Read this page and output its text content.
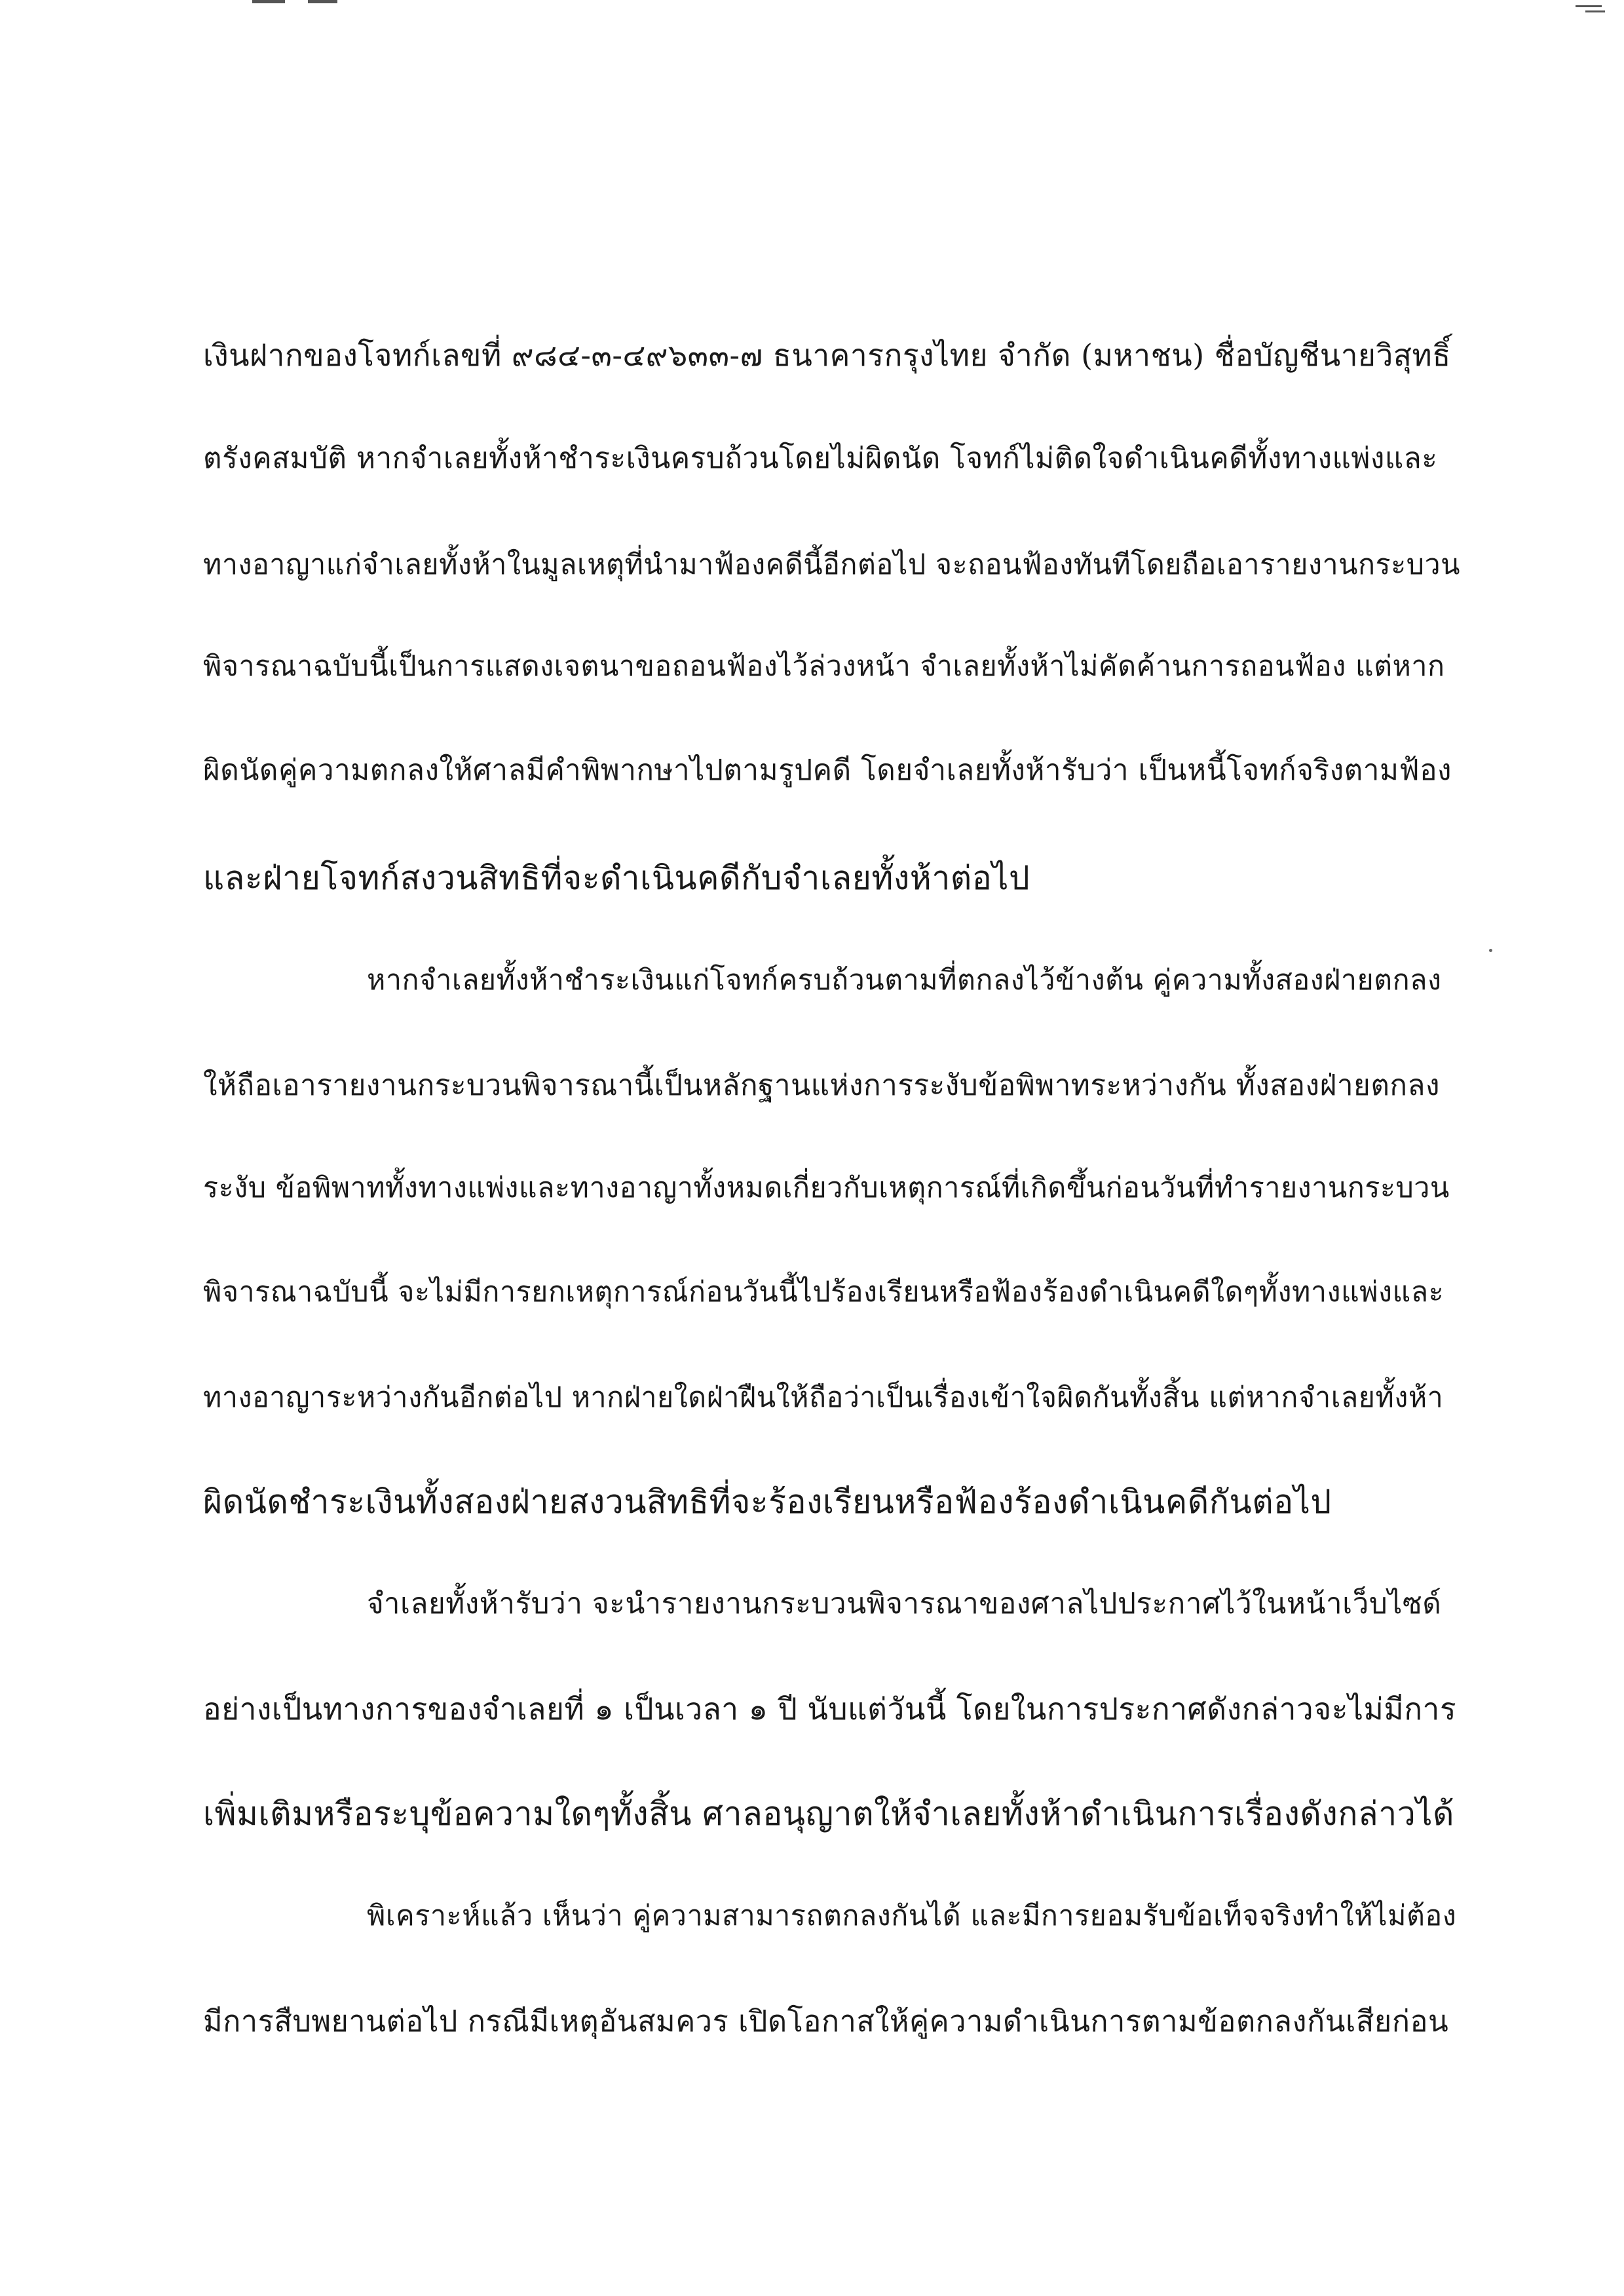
เงินฝากของโจทก์เลขที่ ๙๘๔-๓-๔๙๖๓๓-๗ ธนาคารกรุงไทย จำกัด (มหาชน) ชื่อบัญชีนายวิสุทธิ์
ตรังคสมบัติ หากจำเลยทั้งห้าชำระเงินครบถ้วนโดยไม่ผิดนัด โจทก์ไม่ติดใจดำเนินคดีทั้งทางแพ่งและ
ทางอาญาแก่จำเลยทั้งห้าในมูลเหตุที่นำมาฟ้องคดีนี้อีกต่อไป จะถอนฟ้องทันทีโดยถือเอารายงานกระบวน
พิจารณาฉบับนี้เป็นการแสดงเจตนาขอถอนฟ้องไว้ล่วงหน้า จำเลยทั้งห้าไม่คัดค้านการถอนฟ้อง แต่หาก
ผิดนัดคู่ความตกลงให้ศาลมีคำพิพากษาไปตามรูปคดี โดยจำเลยทั้งห้ารับว่า เป็นหนี้โจทก์จริงตามฟ้อง
และฝ่ายโจทก์สงวนสิทธิที่จะดำเนินคดีกับจำเลยทั้งห้าต่อไป
หากจำเลยทั้งห้าชำระเงินแก่โจทก์ครบถ้วนตามที่ตกลงไว้ข้างต้น คู่ความทั้งสองฝ่ายตกลง
ให้ถือเอารายงานกระบวนพิจารณานี้เป็นหลักฐานแห่งการระงับข้อพิพาทระหว่างกัน ทั้งสองฝ่ายตกลง
ระงับ ข้อพิพาททั้งทางแพ่งและทางอาญาทั้งหมดเกี่ยวกับเหตุการณ์ที่เกิดขึ้นก่อนวันที่ทำรายงานกระบวน
พิจารณาฉบับนี้ จะไม่มีการยกเหตุการณ์ก่อนวันนี้ไปร้องเรียนหรือฟ้องร้องดำเนินคดีใดๆทั้งทางแพ่งและ
ทางอาญาระหว่างกันอีกต่อไป หากฝ่ายใดฝ่าฝืนให้ถือว่าเป็นเรื่องเข้าใจผิดกันทั้งสิ้น แต่หากจำเลยทั้งห้า
ผิดนัดชำระเงินทั้งสองฝ่ายสงวนสิทธิที่จะร้องเรียนหรือฟ้องร้องดำเนินคดีกันต่อไป
จำเลยทั้งห้ารับว่า จะนำรายงานกระบวนพิจารณาของศาลไปประกาศไว้ในหน้าเว็บไซด์
อย่างเป็นทางการของจำเลยที่ ๑ เป็นเวลา ๑ ปี นับแต่วันนี้ โดยในการประกาศดังกล่าวจะไม่มีการ
เพิ่มเติมหรือระบุข้อความใดๆทั้งสิ้น ศาลอนุญาตให้จำเลยทั้งห้าดำเนินการเรื่องดังกล่าวได้
พิเคราะห์แล้ว เห็นว่า คู่ความสามารถตกลงกันได้ และมีการยอมรับข้อเท็จจริงทำให้ไม่ต้อง
มีการสืบพยานต่อไป กรณีมีเหตุอันสมควร เปิดโอกาสให้คู่ความดำเนินการตามข้อตกลงกันเสียก่อน
